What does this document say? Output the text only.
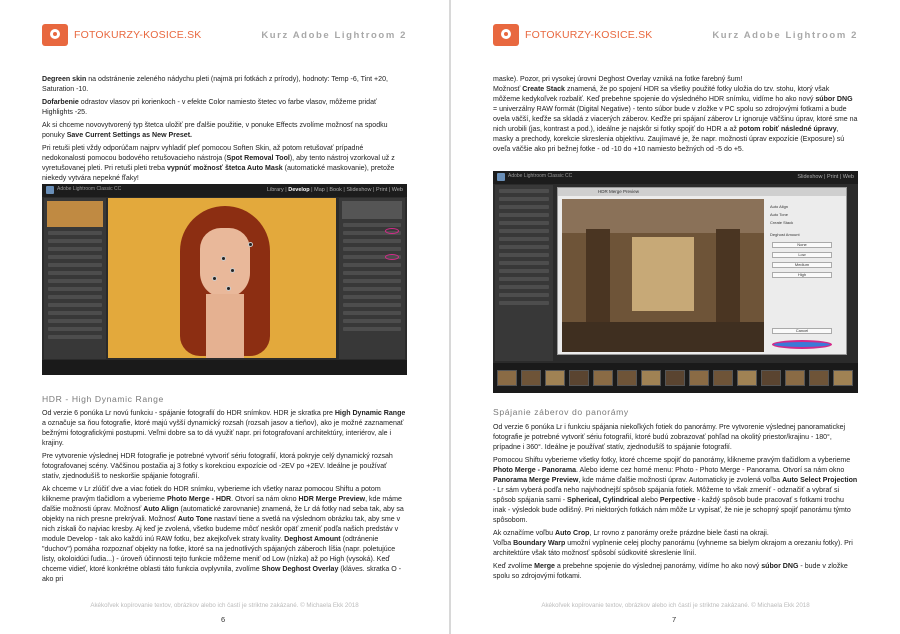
FOTOKURZY-KOSICE.SK	Kurz Adobe Lightroom 2

Degreen skin na odstránenie zeleného nádychu pleti (najmä pri fotkách z prírody), hodnoty: Temp -6, Tint +20, Saturation -10.

Dofarbenie odrastov vlasov pri korienkoch - v efekte Color namiesto štetec vo farbe vlasov, môžeme pridať Highlights -25.

Ak si chceme novovytvorený typ štetca uložiť pre ďalšie použitie, v ponuke Effects zvolíme možnosť na spodku ponuky Save Current Settings as New Preset.

Pri retuši pleti vždy odporúčam najprv vyhladiť pleť pomocou Soften Skin, až potom retušovať prípadné nedokonalosti pomocou bodového retušovacieho nástroja (Spot Removal Tool), aby tento nástroj vzorkoval už z vyretušovanej pleti. Pri retuši pleti treba vypnúť možnosť štetca Auto Mask (automatické maskovanie), pretože niekedy vytvára nepekné fľaky!

Adobe Lightroom Classic CC	Library | Develop | Map | Book | Slideshow | Print | Web
HDR - High Dynamic Range

Od verzie 6 ponúka Lr novú funkciu - spájanie fotografií do HDR snímkov. HDR je skratka pre High Dynamic Range a označuje sa ňou fotografie, ktoré majú vyšší dynamický rozsah (rozsah jasov a tieňov), ako je možné zaznamenať bežnými fotografickými postupmi. Veľmi dobre sa to dá využiť napr. pri fotografovaní architektúry, interiérov, ale i krajiny.

Pre vytvorenie výslednej HDR fotografie je potrebné vytvoriť sériu fotografií, ktorá pokryje celý dynamický rozsah fotografovanej scény. Väčšinou postačia aj 3 fotky s korekciou expozície od -2EV po +2EV. Ideálne je používať statív, zjednodušíš to neskoršie spájanie fotografií.

Ak chceme v Lr zlúčiť dve a viac fotiek do HDR snímku, vyberieme ich všetky naraz pomocou Shiftu a potom klikneme pravým tlačidlom a vyberieme Photo Merge - HDR. Otvorí sa nám okno HDR Merge Preview, kde máme ďalšie možnosti úprav. Možnosť Auto Align (automatické zarovnanie) znamená, že Lr dá fotky nad seba tak, aby sa objekty na nich presne prekrývali. Možnosť Auto Tone nastaví tiene a svetlá na výslednom obrázku tak, aby sme v nich získali čo najviac kresby. Aj keď je zvolená, všetko budeme môcť neskôr opäť zmeniť podľa našich predstáv v module Develop - tak ako každú inú RAW fotku, bez akejkoľvek straty kvality. Deghost Amount (odtránenie "duchov") pomáha rozpoznať objekty na fotke, ktoré sa na jednotlivých spájaných záberoch líšia (napr. poletujúce listy, okoloidúci ľudia...) - úroveň účinnosti tejto funkcie môžeme meniť od Low (nízka) až po High (vysoká). Keď chceme vidieť, ktoré konkrétne oblasti táto funkcia ovplyvnila, zvolíme Show Deghost Overlay (kláves. skratka O - ako pri

Akékoľvek kopírovanie textov, obrázkov alebo ich častí je striktne zakázané. © Michaela Ekk 2018
6
FOTOKURZY-KOSICE.SK	Kurz Adobe Lightroom 2

maske). Pozor, pri vysokej úrovni Deghost Overlay vzniká na fotke farebný šum!
Možnosť Create Stack znamená, že po spojení HDR sa všetky použité fotky uložia do tzv. stohu, ktorý však môžeme kedykoľvek rozbaliť. Keď prebehne spojenie do výsledného HDR snímku, vidíme ho ako nový súbor DNG = univerzálny RAW formát (Digital Negative) - tento súbor bude v zložke v PC spolu so zdrojovými fotkami a bude ovela väčší, keďže sa skladá z viacerých záberov. Keďže pri spájaní záberov Lr ignoruje väčšinu úprav, ktoré sme na nich urobili (jas, kontrast a pod.), ideálne je najskôr si fotky spojiť do HDR a až potom robiť následné úpravy, masky a prechody, korekcie skreslenia objektívu. Zaujímavé je, že napr. možnosti úprav expozície (Exposure) sú oveľa väčšie ako pri bežnej fotke - od -10 do +10 namiesto bežných od -5 do +5.

Adobe Lightroom Classic CC	Slideshow | Print | Web
HDR Merge Preview
Auto Align
Auto Tone
Create Stack
Deghost Amount
None
Low
Medium
High
Cancel
Spájanie záberov do panorámy

Od verzie 6 ponúka Lr i funkciu spájania niekoľkých fotiek do panorámy. Pre vytvorenie výslednej panoramatickej fotografie je potrebné vytvoriť sériu fotografií, ktoré budú zobrazovať pohľad na okolitý priestor/krajinu - 180°, prípadne i 360°. Ideálne je používať statív, zjednodušíš to spájanie fotografií.

Pomocou Shiftu vyberieme všetky fotky, ktoré chceme spojiť do panorámy, klikneme pravým tlačidlom a vyberieme Photo Merge - Panorama. Alebo ideme cez horné menu: Photo - Photo Merge - Panorama. Otvorí sa nám okno Panorama Merge Preview, kde máme ďalšie možnosti úprav. Automaticky je zvolená voľba Auto Select Projection - Lr sám vyberá podľa neho najvhodnejší spôsob spájania fotiek. Môžeme to však zmeniť - odznačiť a vybrať si spôsob spájania sami - Spherical, Cylindrical alebo Perpective - každý spôsob bude pracovať s fotkami trochu inak - výsledok bude odlišný. Pri niektorých fotkách nám môže Lr vypísať, že nie je schopný spojiť panorámu týmto spôsobom.

Ak označíme voľbu Auto Crop, Lr rovno z panorámy oreže prázdne biele časti na okraji.
Voľba Boundary Warp umožní vyplnenie celej plochy panorámu (vyhneme sa bielym okrajom a orezaniu fotky). Pri architektúre však táto možnosť spôsobí súdkovité skreslenie línií.

Keď zvolíme Merge a prebehne spojenie do výslednej panorámy, vidíme ho ako nový súbor DNG - bude v zložke spolu so zdrojovými fotkami.

Akékoľvek kopírovanie textov, obrázkov alebo ich častí je striktne zakázané. © Michaela Ekk 2018
7
